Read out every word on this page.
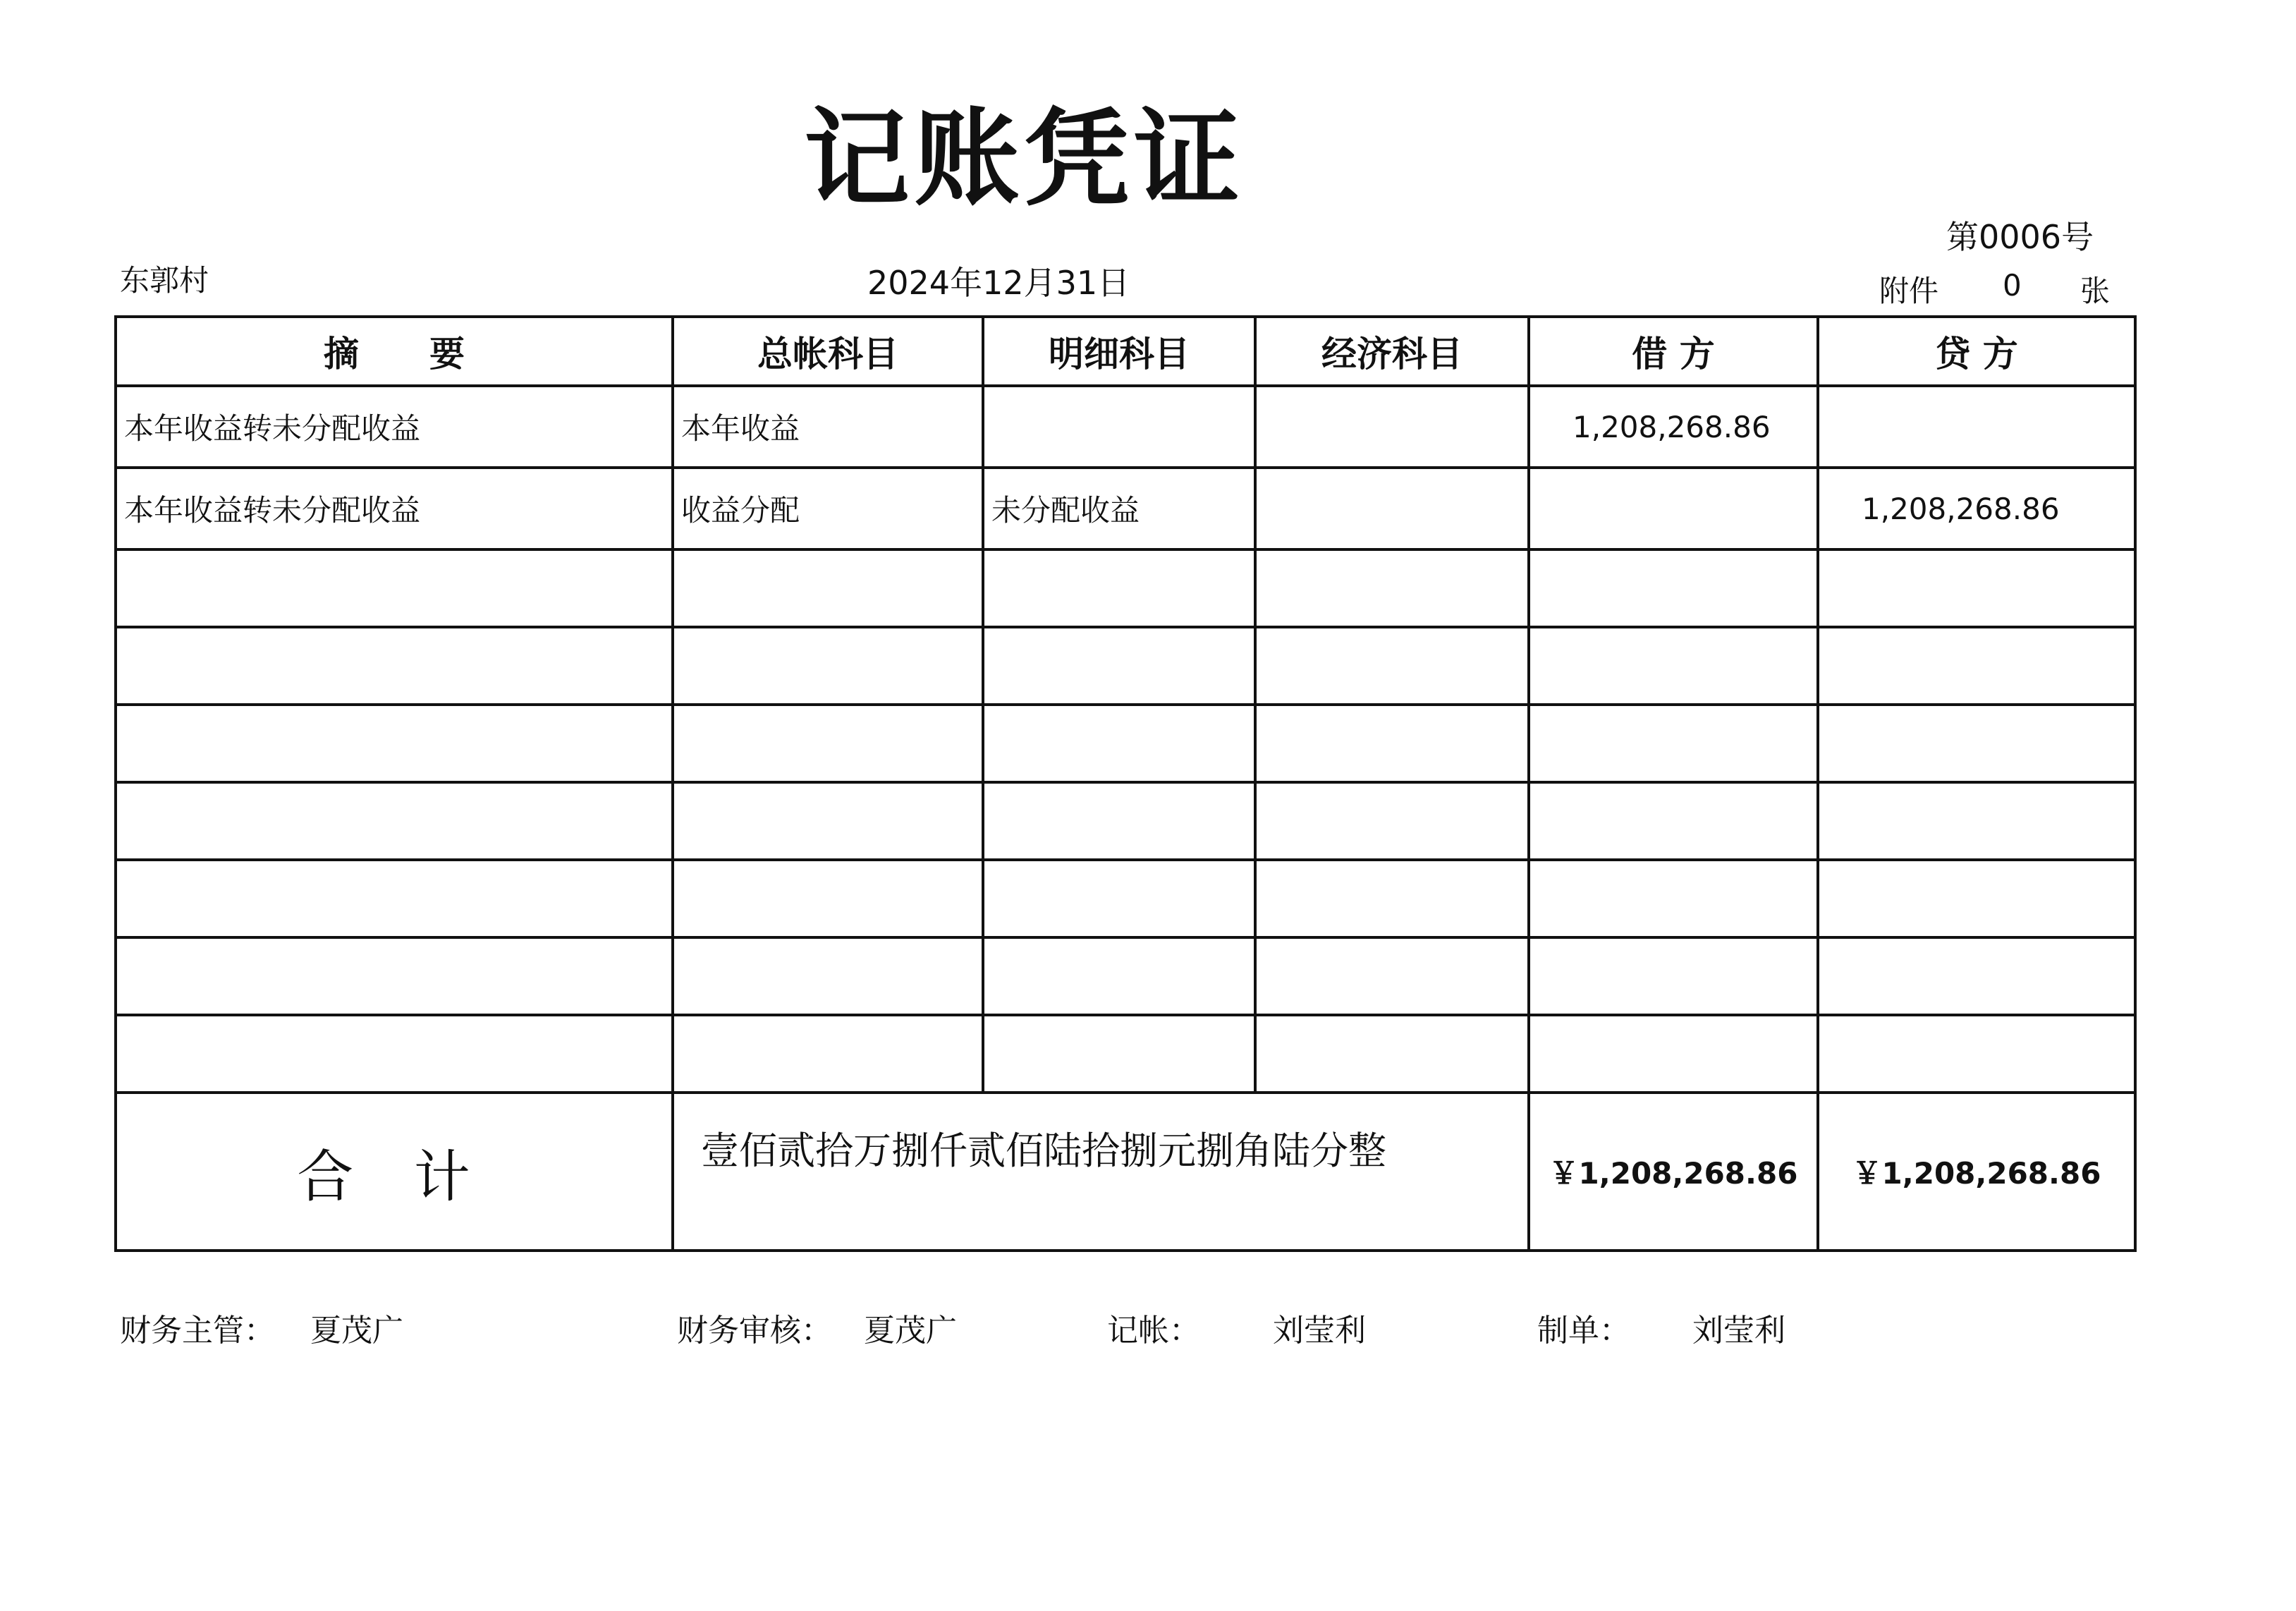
记账凭证
第0006号
东郭村	2024年12月31日	附件 0 张
摘　　要	总帐科目	明细科目	经济科目	借 方	贷 方
本年收益转未分配收益	本年收益			1,208,268.86	
本年收益转未分配收益	收益分配	未分配收益			1,208,268.86

合 计	壹佰贰拾万捌仟贰佰陆拾捌元捌角陆分整			￥1,208,268.86	￥1,208,268.86
财务主管： 夏茂广	财务审核： 夏茂广	记帐： 刘莹利	制单： 刘莹利
